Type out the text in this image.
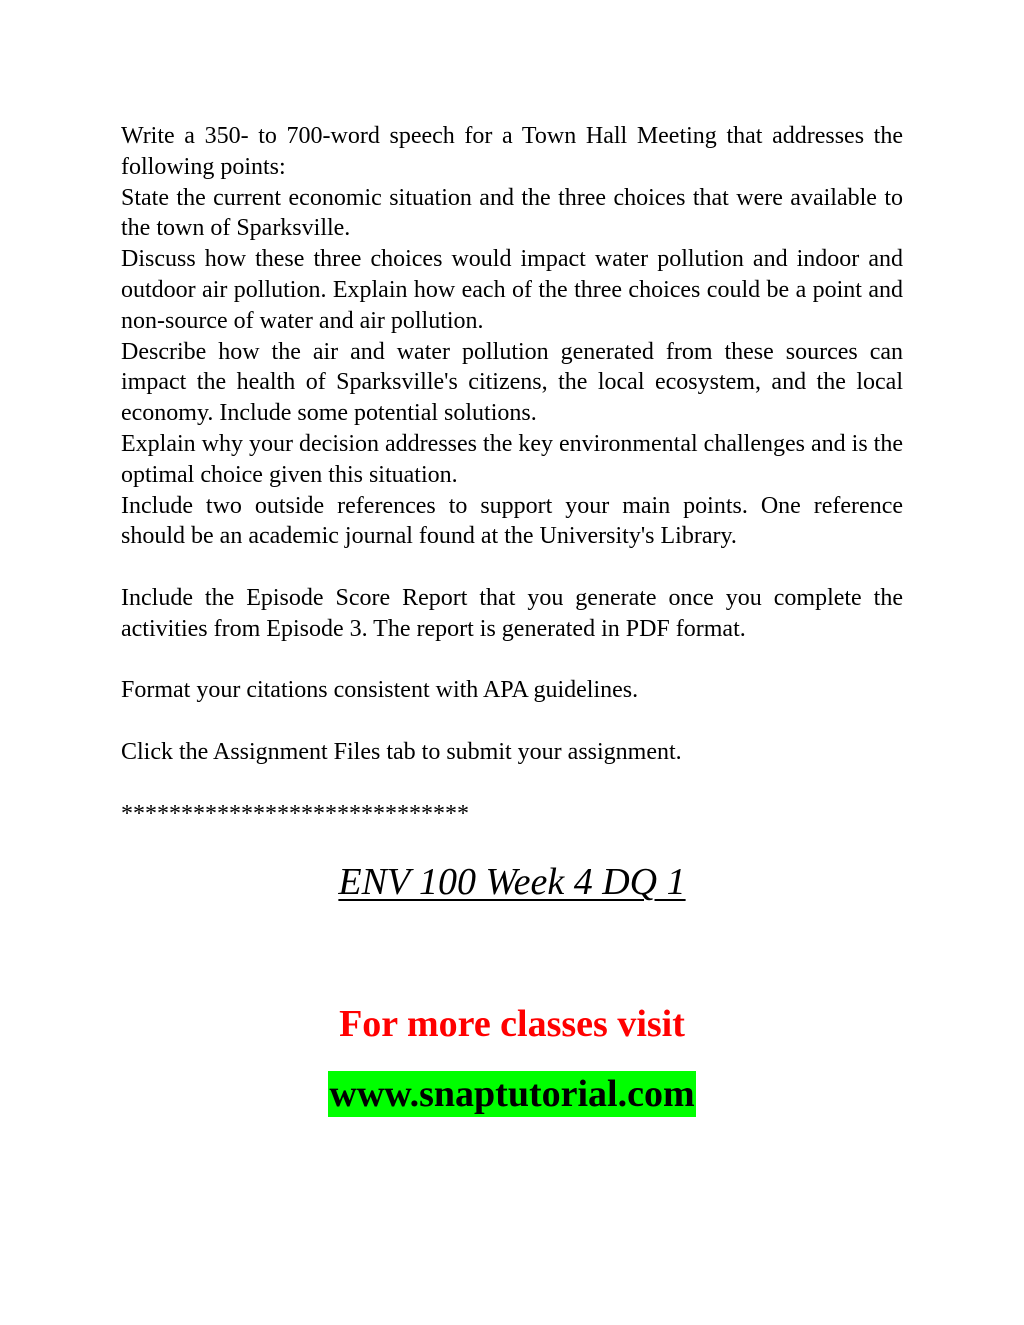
Write a 350- to 700-word speech for a Town Hall Meeting that addresses the following points:

State the current economic situation and the three choices that were available to the town of Sparksville.

Discuss how these three choices would impact water pollution and indoor and outdoor air pollution. Explain how each of the three choices could be a point and non-source of water and air pollution.

Describe how the air and water pollution generated from these sources can impact the health of Sparksville's citizens, the local ecosystem, and the local economy. Include some potential solutions.

Explain why your decision addresses the key environmental challenges and is the optimal choice given this situation.

Include two outside references to support your main points. One reference should be an academic journal found at the University's Library.

Include the Episode Score Report that you generate once you complete the activities from Episode 3. The report is generated in PDF format.

Format your citations consistent with APA guidelines.

Click the Assignment Files tab to submit your assignment.

*****************************

ENV 100 Week 4 DQ 1
For more classes visit
www.snaptutorial.com
